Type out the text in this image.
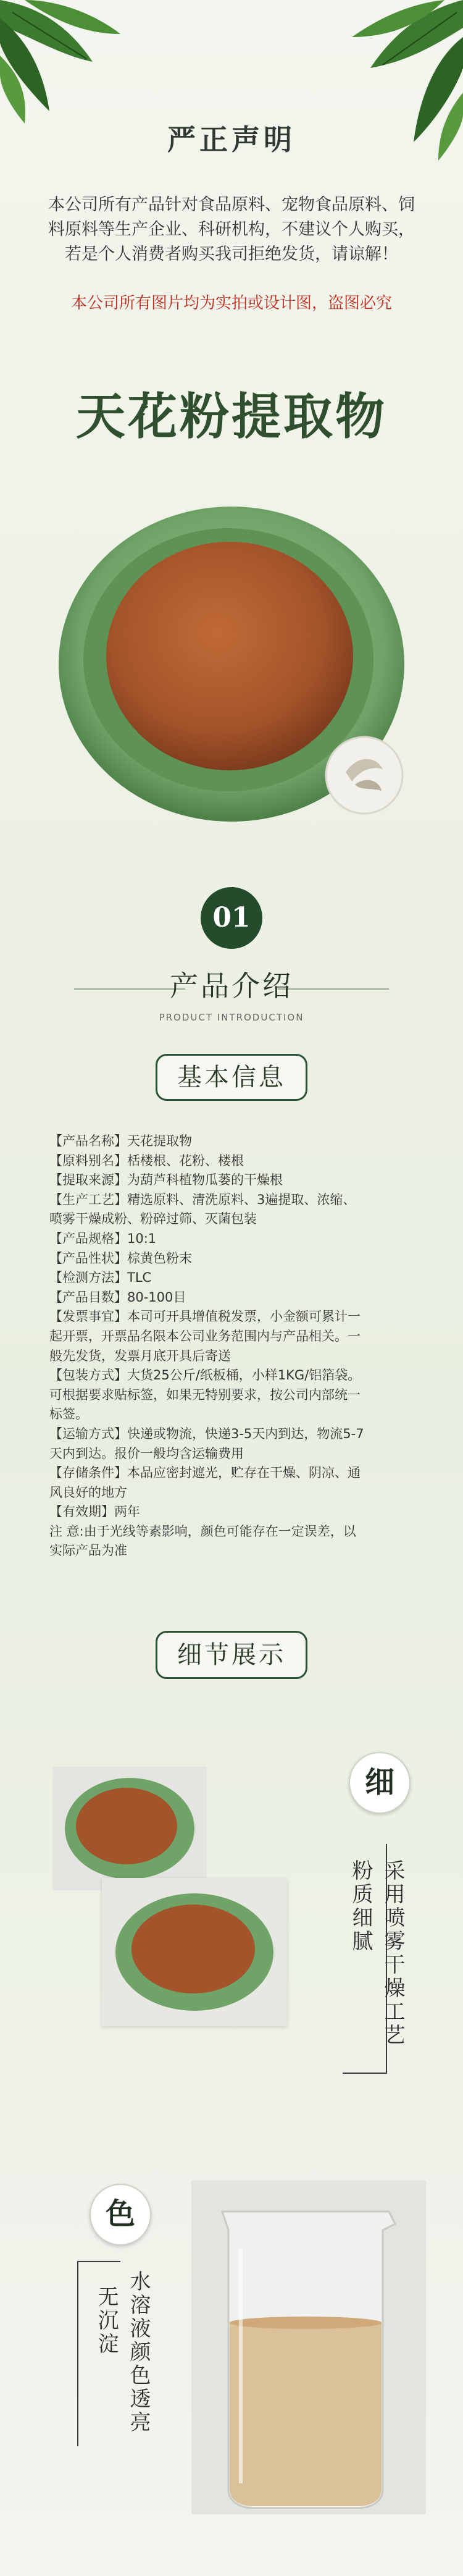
严正声明
本公司所有产品针对食品原料、宠物食品原料、饲料原料等生产企业、科研机构，不建议个人购买，若是个人消费者购买我司拒绝发货，请谅解！
本公司所有图片均为实拍或设计图，盗图必究
天花粉提取物
01
产品介绍
PRODUCT INTRODUCTION
基本信息
【产品名称】天花提取物
【原料别名】栝楼根、花粉、楼根
【提取来源】为葫芦科植物瓜蒌的干燥根
【生产工艺】精选原料、清洗原料、3遍提取、浓缩、
喷雾干燥成粉、粉碎过筛、灭菌包装
【产品规格】10:1
【产品性状】棕黄色粉末
【检测方法】TLC
【产品目数】80-100目
【发票事宜】本司可开具增值税发票，小金额可累计一
起开票，开票品名限本公司业务范围内与产品相关。一
般先发货，发票月底开具后寄送
【包装方式】大货25公斤/纸板桶，小样1KG/铝箔袋。
可根据要求贴标签，如果无特别要求，按公司内部统一
标签。
【运输方式】快递或物流，快递3-5天内到达，物流5-7
天内到达。报价一般均含运输费用
【存储条件】本品应密封遮光，贮存在干燥、阴凉、通
风良好的地方
【有效期】两年
注 意:由于光线等素影响，颜色可能存在一定误差，以
实际产品为准
细节展示
细
采用喷雾干燥工艺
粉质细腻
色
水溶液颜色透亮
无沉淀
